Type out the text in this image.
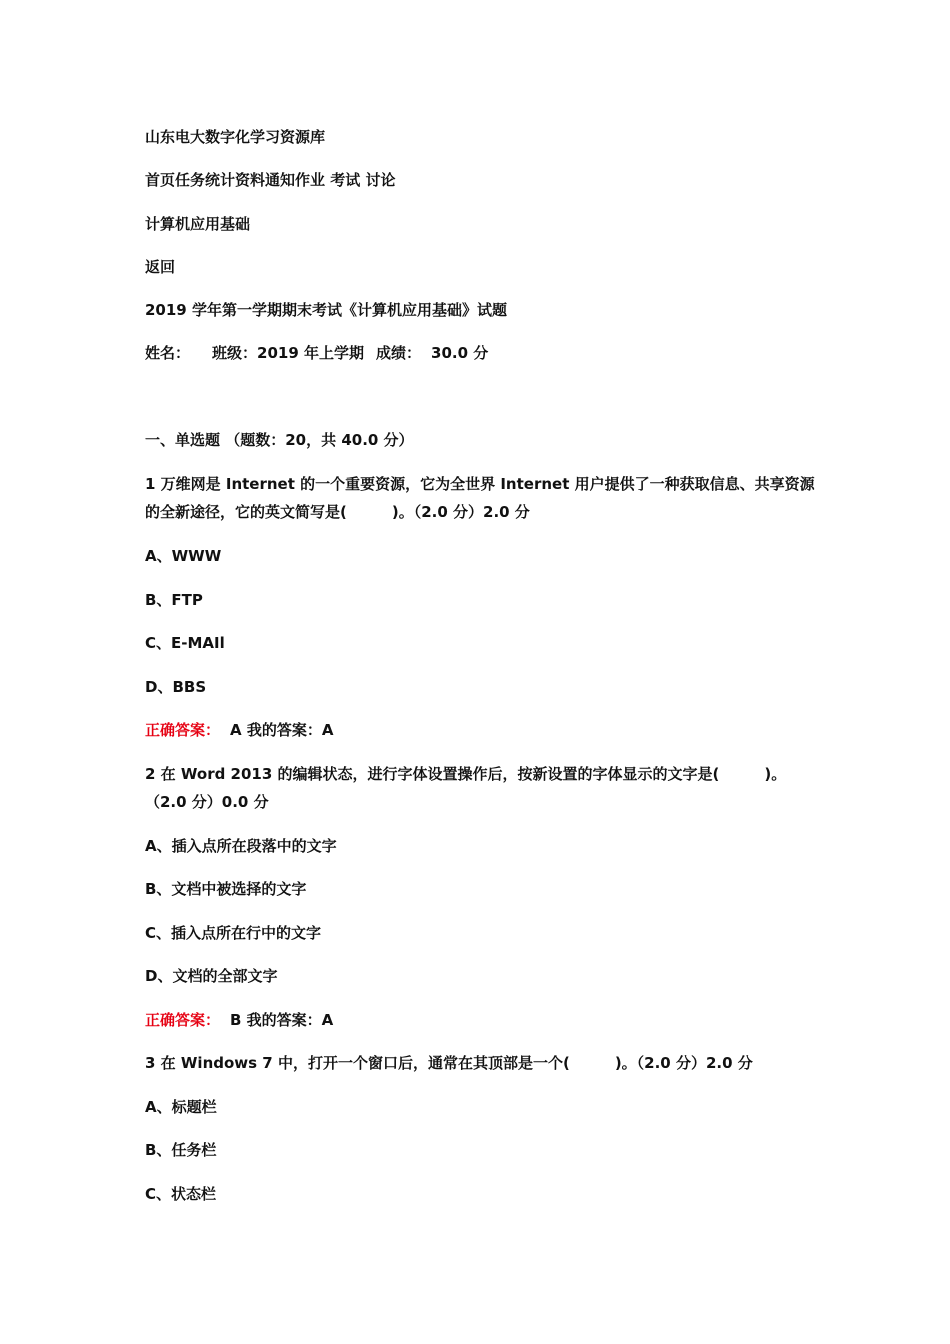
山东电大数字化学习资源库
首页任务统计资料通知作业 考试 讨论
计算机应用基础
返回
2019 学年第一学期期末考试《计算机应用基础》试题
姓名： 班级：2019 年上学期 成绩： 30.0 分
一、单选题 （题数：20，共 40.0 分）
1 万维网是 Internet 的一个重要资源，它为全世界 Internet 用户提供了一种获取信息、共享资源的全新途径，它的英文简写是(　　　)。（2.0 分）2.0 分
A、WWW
B、FTP
C、E-MAIl
D、BBS
正确答案： A 我的答案：A
2 在 Word 2013 的编辑状态，进行字体设置操作后，按新设置的字体显示的文字是(　　　)。（2.0 分）0.0 分
A、插入点所在段落中的文字
B、文档中被选择的文字
C、插入点所在行中的文字
D、文档的全部文字
正确答案： B 我的答案：A
3 在 Windows 7 中，打开一个窗口后，通常在其顶部是一个(　　　)。（2.0 分）2.0 分
A、标题栏
B、任务栏
C、状态栏
